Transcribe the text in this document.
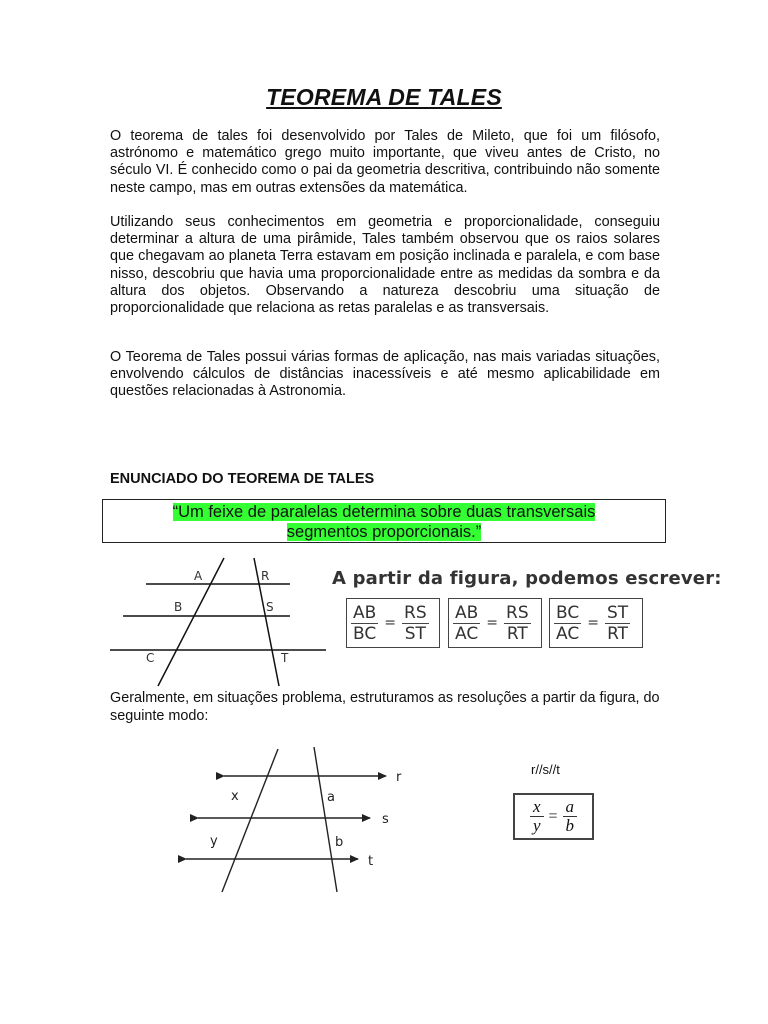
TEOREMA DE TALES
O teorema de tales foi desenvolvido por Tales de Mileto, que foi um filósofo, astrónomo e matemático grego muito importante, que viveu antes de Cristo, no século VI. É conhecido como o pai da geometria descritiva, contribuindo não somente neste campo, mas em outras extensões da matemática.
Utilizando seus conhecimentos em geometria e proporcionalidade, conseguiu determinar a altura de uma pirâmide, Tales também observou que os raios solares que chegavam ao planeta Terra estavam em posição inclinada e paralela, e com base nisso, descobriu que havia uma proporcionalidade entre as medidas da sombra e da altura dos objetos. Observando a natureza descobriu uma situação de proporcionalidade que relaciona as retas paralelas e as transversais.
O Teorema de Tales possui várias formas de aplicação, nas mais variadas situações, envolvendo cálculos de distâncias inacessíveis e até mesmo aplicabilidade em questões relacionadas à Astronomia.
ENUNCIADO DO TEOREMA DE TALES
“Um feixe de paralelas determina sobre duas transversais
segmentos proporcionais.”
A	R
B	S
C	T
A partir da figura, podemos escrever:
$\frac{AB}{BC} = \frac{RS}{ST} \frac{AB}{AC} = \frac{RS}{RT} \frac{BC}{AC} = \frac{ST}{RT}$
Geralmente, em situações problema, estruturamos as resoluções a partir da figura, do seguinte modo:
r
s
t
x	a
y	b
r//s//t
$\frac{x}{y} = \frac{a}{b}$
